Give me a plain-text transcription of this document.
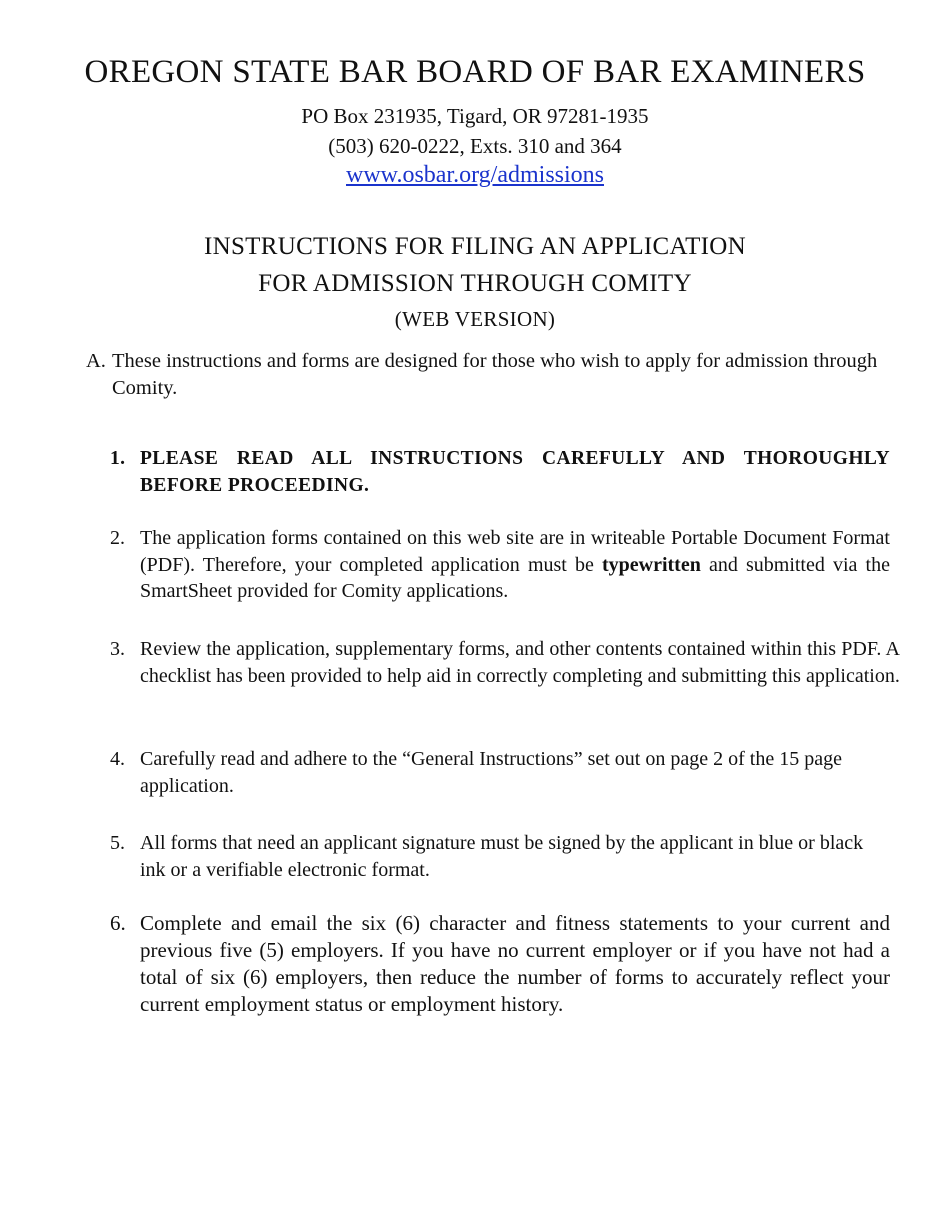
OREGON STATE BAR BOARD OF BAR EXAMINERS
PO Box 231935, Tigard, OR 97281-1935
(503) 620-0222, Exts. 310 and 364
www.osbar.org/admissions
INSTRUCTIONS FOR FILING AN APPLICATION
FOR ADMISSION THROUGH COMITY
(WEB VERSION)
A. These instructions and forms are designed for those who wish to apply for admission through Comity.
1. PLEASE READ ALL INSTRUCTIONS CAREFULLY AND THOROUGHLY BEFORE PROCEEDING.
2. The application forms contained on this web site are in writeable Portable Document Format (PDF). Therefore, your completed application must be typewritten and submitted via the SmartSheet provided for Comity applications.
3. Review the application, supplementary forms, and other contents contained within this PDF. A checklist has been provided to help aid in correctly completing and submitting this application.
4. Carefully read and adhere to the “General Instructions” set out on page 2 of the 15 page application.
5. All forms that need an applicant signature must be signed by the applicant in blue or black ink or a verifiable electronic format.
6. Complete and email the six (6) character and fitness statements to your current and previous five (5) employers. If you have no current employer or if you have not had a total of six (6) employers, then reduce the number of forms to accurately reflect your current employment status or employment history.
